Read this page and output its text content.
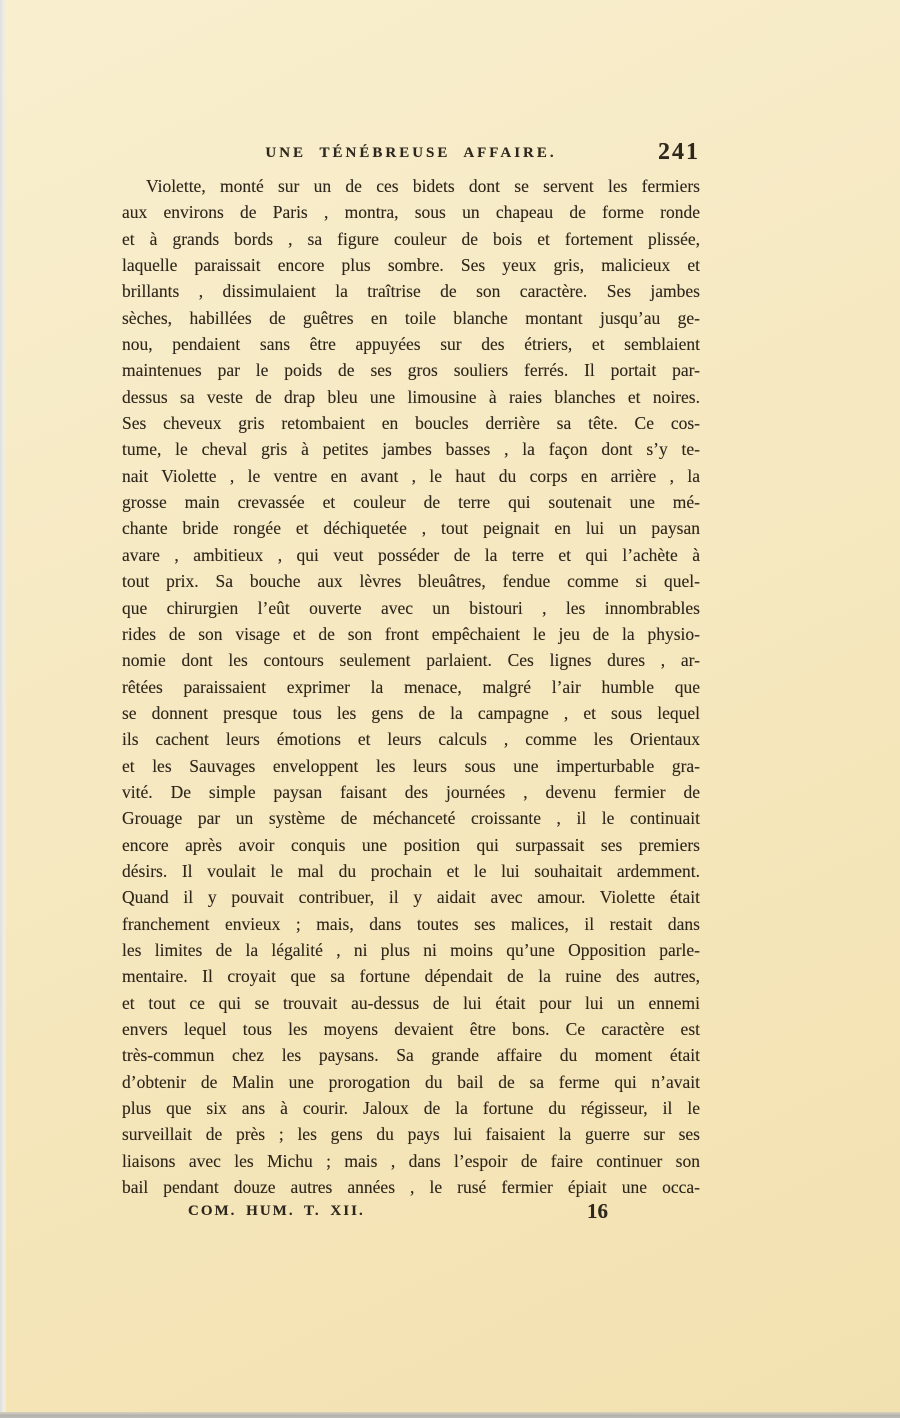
UNE TÉNÉBREUSE AFFAIRE.	241
Violette, monté sur un de ces bidets dont se servent les fermiers
aux environs de Paris , montra, sous un chapeau de forme ronde
et à grands bords , sa figure couleur de bois et fortement plissée,
laquelle paraissait encore plus sombre. Ses yeux gris, malicieux et
brillants , dissimulaient la traîtrise de son caractère. Ses jambes
sèches, habillées de guêtres en toile blanche montant jusqu’au ge-
nou, pendaient sans être appuyées sur des étriers, et semblaient
maintenues par le poids de ses gros souliers ferrés. Il portait par-
dessus sa veste de drap bleu une limousine à raies blanches et noires.
Ses cheveux gris retombaient en boucles derrière sa tête. Ce cos-
tume, le cheval gris à petites jambes basses , la façon dont s’y te-
nait Violette , le ventre en avant , le haut du corps en arrière , la
grosse main crevassée et couleur de terre qui soutenait une mé-
chante bride rongée et déchiquetée , tout peignait en lui un paysan
avare , ambitieux , qui veut posséder de la terre et qui l’achète à
tout prix. Sa bouche aux lèvres bleuâtres, fendue comme si quel-
que chirurgien l’eût ouverte avec un bistouri , les innombrables
rides de son visage et de son front empêchaient le jeu de la physio-
nomie dont les contours seulement parlaient. Ces lignes dures , ar-
rêtées paraissaient exprimer la menace, malgré l’air humble que
se donnent presque tous les gens de la campagne , et sous lequel
ils cachent leurs émotions et leurs calculs , comme les Orientaux
et les Sauvages enveloppent les leurs sous une imperturbable gra-
vité. De simple paysan faisant des journées , devenu fermier de
Grouage par un système de méchanceté croissante , il le continuait
encore après avoir conquis une position qui surpassait ses premiers
désirs. Il voulait le mal du prochain et le lui souhaitait ardemment.
Quand il y pouvait contribuer, il y aidait avec amour. Violette était
franchement envieux ; mais, dans toutes ses malices, il restait dans
les limites de la légalité , ni plus ni moins qu’une Opposition parle-
mentaire. Il croyait que sa fortune dépendait de la ruine des autres,
et tout ce qui se trouvait au-dessus de lui était pour lui un ennemi
envers lequel tous les moyens devaient être bons. Ce caractère est
très-commun chez les paysans. Sa grande affaire du moment était
d’obtenir de Malin une prorogation du bail de sa ferme qui n’avait
plus que six ans à courir. Jaloux de la fortune du régisseur, il le
surveillait de près ; les gens du pays lui faisaient la guerre sur ses
liaisons avec les Michu ; mais , dans l’espoir de faire continuer son
bail pendant douze autres années , le rusé fermier épiait une occa-
COM. HUM. T. XII.	16
